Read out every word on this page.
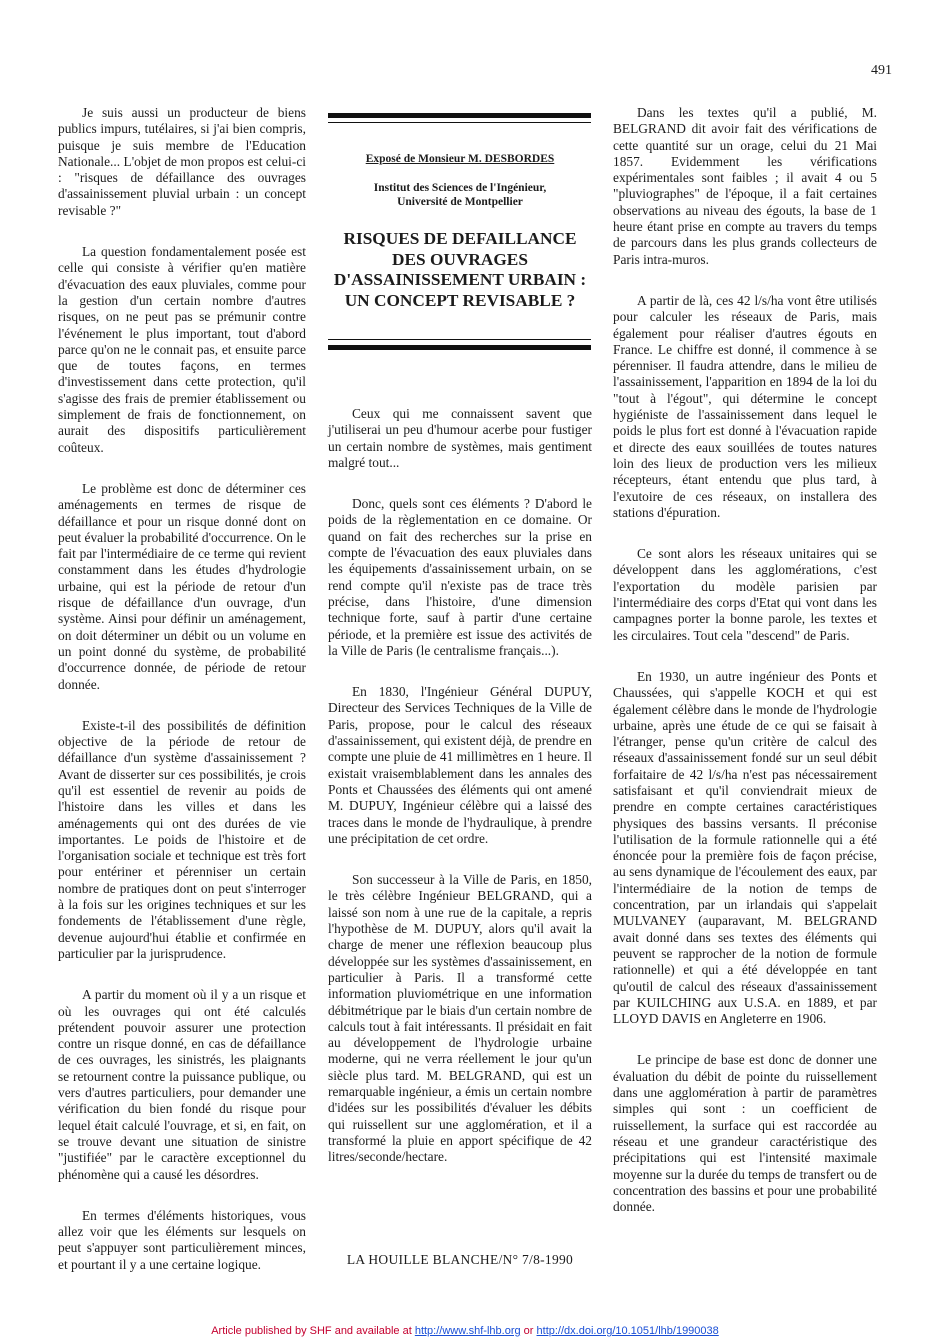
491

Je suis aussi un producteur de biens publics impurs, tutélaires, si j'ai bien compris, puisque je suis membre de l'Education Nationale... L'objet de mon propos est celui-ci : "risques de défaillance des ouvrages d'assainissement pluvial urbain : un concept revisable ?"

La question fondamentalement posée est celle qui consiste à vérifier qu'en matière d'évacuation des eaux pluviales, comme pour la gestion d'un certain nombre d'autres risques, on ne peut pas se prémunir contre l'événement le plus important, tout d'abord parce qu'on ne le connait pas, et ensuite parce que de toutes façons, en termes d'investissement dans cette protection, qu'il s'agisse des frais de premier établissement ou simplement de frais de fonctionnement, on aurait des dispositifs particulièrement coûteux.

Le problème est donc de déterminer ces aménagements en termes de risque de défaillance et pour un risque donné dont on peut évaluer la probabilité d'occurrence. On le fait par l'intermédiaire de ce terme qui revient constamment dans les études d'hydrologie urbaine, qui est la période de retour d'un risque de défaillance d'un ouvrage, d'un système. Ainsi pour définir un aménagement, on doit déterminer un débit ou un volume en un point donné du système, de probabilité d'occurrence donnée, de période de retour donnée.

Existe-t-il des possibilités de définition objective de la période de retour de défaillance d'un système d'assainissement ? Avant de disserter sur ces possibilités, je crois qu'il est essentiel de revenir au poids de l'histoire dans les villes et dans les aménagements qui ont des durées de vie importantes. Le poids de l'histoire et de l'organisation sociale et technique est très fort pour entériner et pérenniser un certain nombre de pratiques dont on peut s'interroger à la fois sur les origines techniques et sur les fondements de l'établissement d'une règle, devenue aujourd'hui établie et confirmée en particulier par la jurisprudence.

A partir du moment où il y a un risque et où les ouvrages qui ont été calculés prétendent pouvoir assurer une protection contre un risque donné, en cas de défaillance de ces ouvrages, les sinistrés, les plaignants se retournent contre la puissance publique, ou vers d'autres particuliers, pour demander une vérification du bien fondé du risque pour lequel était calculé l'ouvrage, et si, en fait, on se trouve devant une situation de sinistre "justifiée" par le caractère exceptionnel du phénomène qui a causé les désordres.

En termes d'éléments historiques, vous allez voir que les éléments sur lesquels on peut s'appuyer sont particulièrement minces, et pourtant il y a une certaine logique.

Exposé de Monsieur M. DESBORDES
Institut des Sciences de l'Ingénieur,
Université de Montpellier
RISQUES DE DEFAILLANCE
DES OUVRAGES
D'ASSAINISSEMENT URBAIN :
UN CONCEPT REVISABLE ?

Ceux qui me connaissent savent que j'utiliserai un peu d'humour acerbe pour fustiger un certain nombre de systèmes, mais gentiment malgré tout...

Donc, quels sont ces éléments ? D'abord le poids de la règlementation en ce domaine. Or quand on fait des recherches sur la prise en compte de l'évacuation des eaux pluviales dans les équipements d'assainissement urbain, on se rend compte qu'il n'existe pas de trace très précise, dans l'histoire, d'une dimension technique forte, sauf à partir d'une certaine période, et la première est issue des activités de la Ville de Paris (le centralisme français...).

En 1830, l'Ingénieur Général DUPUY, Directeur des Services Techniques de la Ville de Paris, propose, pour le calcul des réseaux d'assainissement, qui existent déjà, de prendre en compte une pluie de 41 millimètres en 1 heure. Il existait vraisemblablement dans les annales des Ponts et Chaussées des éléments qui ont amené M. DUPUY, Ingénieur célèbre qui a laissé des traces dans le monde de l'hydraulique, à prendre une précipitation de cet ordre.

Son successeur à la Ville de Paris, en 1850, le très célèbre Ingénieur BELGRAND, qui a laissé son nom à une rue de la capitale, a repris l'hypothèse de M. DUPUY, alors qu'il avait la charge de mener une réflexion beaucoup plus développée sur les systèmes d'assainissement, en particulier à Paris. Il a transformé cette information pluviométrique en une information débitmétrique par le biais d'un certain nombre de calculs tout à fait intéressants. Il présidait en fait au développement de l'hydrologie urbaine moderne, qui ne verra réellement le jour qu'un siècle plus tard. M. BELGRAND, qui est un remarquable ingénieur, a émis un certain nombre d'idées sur les possibilités d'évaluer les débits qui ruissellent sur une agglomération, et il a transformé la pluie en apport spécifique de 42 litres/seconde/hectare.

Dans les textes qu'il a publié, M. BELGRAND dit avoir fait des vérifications de cette quantité sur un orage, celui du 21 Mai 1857. Evidemment les vérifications expérimentales sont faibles ; il avait 4 ou 5 "pluviographes" de l'époque, il a fait certaines observations au niveau des égouts, la base de 1 heure étant prise en compte au travers du temps de parcours dans les plus grands collecteurs de Paris intra-muros.

A partir de là, ces 42 l/s/ha vont être utilisés pour calculer les réseaux de Paris, mais également pour réaliser d'autres égouts en France. Le chiffre est donné, il commence à se pérenniser. Il faudra attendre, dans le milieu de l'assainissement, l'apparition en 1894 de la loi du "tout à l'égout", qui détermine le concept hygiéniste de l'assainissement dans lequel le poids le plus fort est donné à l'évacuation rapide et directe des eaux souillées de toutes natures loin des lieux de production vers les milieux récepteurs, étant entendu que plus tard, à l'exutoire de ces réseaux, on installera des stations d'épuration.

Ce sont alors les réseaux unitaires qui se développent dans les agglomérations, c'est l'exportation du modèle parisien par l'intermédiaire des corps d'Etat qui vont dans les campagnes porter la bonne parole, les textes et les circulaires. Tout cela "descend" de Paris.

En 1930, un autre ingénieur des Ponts et Chaussées, qui s'appelle KOCH et qui est également célèbre dans le monde de l'hydrologie urbaine, après une étude de ce qui se faisait à l'étranger, pense qu'un critère de calcul des réseaux d'assainissement fondé sur un seul débit forfaitaire de 42 l/s/ha n'est pas nécessairement satisfaisant et qu'il conviendrait mieux de prendre en compte certaines caractéristiques physiques des bassins versants. Il préconise l'utilisation de la formule rationnelle qui a été énoncée pour la première fois de façon précise, au sens dynamique de l'écoulement des eaux, par l'intermédiaire de la notion de temps de concentration, par un irlandais qui s'appelait MULVANEY (auparavant, M. BELGRAND avait donné dans ses textes des éléments qui peuvent se rapprocher de la notion de formule rationnelle) et qui a été développée en tant qu'outil de calcul des réseaux d'assainissement par KUILCHING aux U.S.A. en 1889, et par LLOYD DAVIS en Angleterre en 1906.

Le principe de base est donc de donner une évaluation du débit de pointe du ruissellement dans une agglomération à partir de paramètres simples qui sont : un coefficient de ruissellement, la surface qui est raccordée au réseau et une grandeur caractéristique des précipitations qui est l'intensité maximale moyenne sur la durée du temps de transfert ou de concentration des bassins et pour une probabilité donnée.

LA HOUILLE BLANCHE/N° 7/8-1990
Article published by SHF and available at http://www.shf-lhb.org or http://dx.doi.org/10.1051/lhb/1990038
